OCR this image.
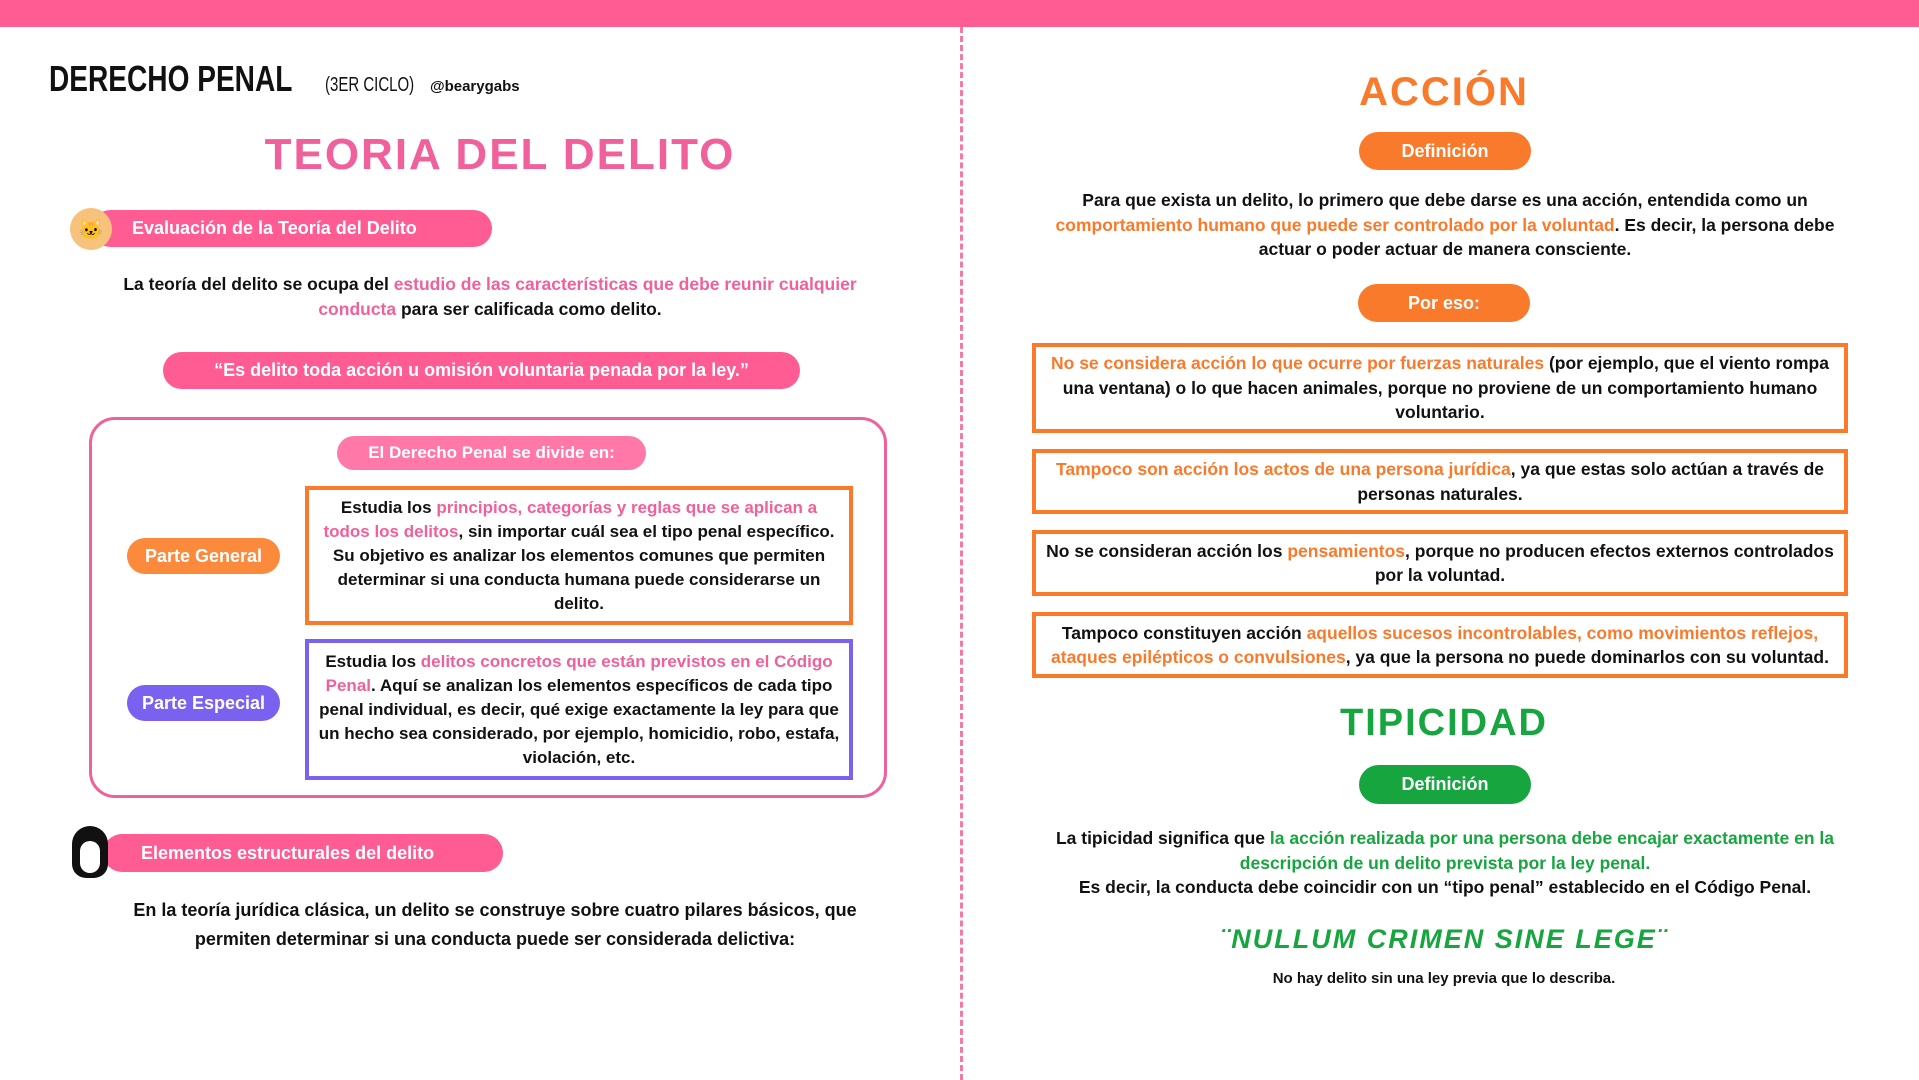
DERECHO PENAL (3ER CICLO) @bearygabs
TEORIA DEL DELITO
Evaluación de la Teoría del Delito
🐱
La teoría del delito se ocupa del estudio de las características que debe reunir cualquier conducta para ser calificada como delito.
“Es delito toda acción u omisión voluntaria penada por la ley.”
El Derecho Penal se divide en:
Parte General
Estudia los principios, categorías y reglas que se aplican a todos los delitos, sin importar cuál sea el tipo penal específico. Su objetivo es analizar los elementos comunes que permiten determinar si una conducta humana puede considerarse un delito.
Parte Especial
Estudia los delitos concretos que están previstos en el Código Penal. Aquí se analizan los elementos específicos de cada tipo penal individual, es decir, qué exige exactamente la ley para que un hecho sea considerado, por ejemplo, homicidio, robo, estafa, violación, etc.
Elementos estructurales del delito
En la teoría jurídica clásica, un delito se construye sobre cuatro pilares básicos, que permiten determinar si una conducta puede ser considerada delictiva:
ACCIÓN
Definición
Para que exista un delito, lo primero que debe darse es una acción, entendida como un comportamiento humano que puede ser controlado por la voluntad. Es decir, la persona debe actuar o poder actuar de manera consciente.
Por eso:
No se considera acción lo que ocurre por fuerzas naturales (por ejemplo, que el viento rompa una ventana) o lo que hacen animales, porque no proviene de un comportamiento humano voluntario.
Tampoco son acción los actos de una persona jurídica, ya que estas solo actúan a través de personas naturales.
No se consideran acción los pensamientos, porque no producen efectos externos controlados por la voluntad.
Tampoco constituyen acción aquellos sucesos incontrolables, como movimientos reflejos, ataques epilépticos o convulsiones, ya que la persona no puede dominarlos con su voluntad.
TIPICIDAD
Definición
La tipicidad significa que la acción realizada por una persona debe encajar exactamente en la descripción de un delito prevista por la ley penal.
Es decir, la conducta debe coincidir con un “tipo penal” establecido en el Código Penal.
¨NULLUM CRIMEN SINE LEGE¨
No hay delito sin una ley previa que lo describa.
